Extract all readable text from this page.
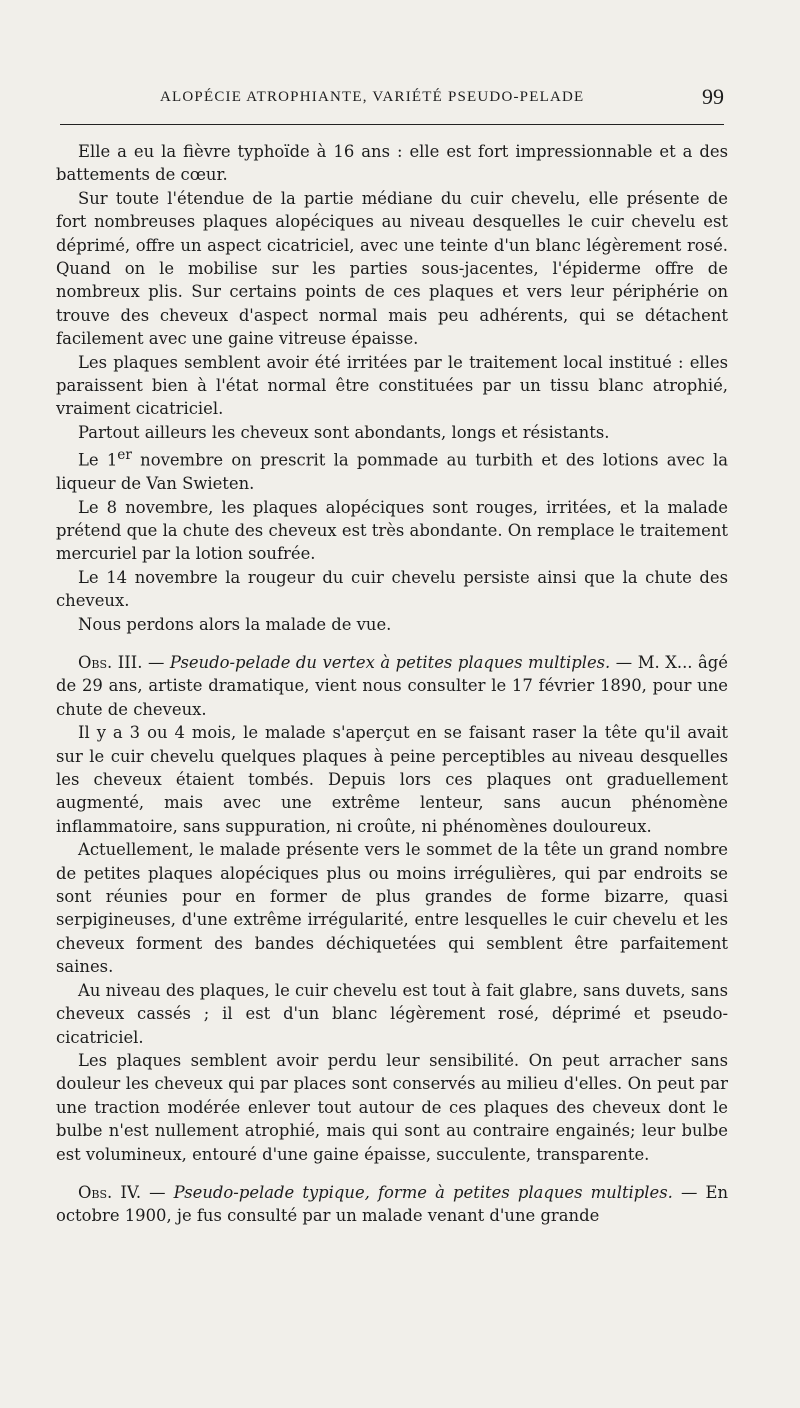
ALOPÉCIE ATROPHIANTE, VARIÉTÉ PSEUDO-PELADE	99

Elle a eu la fièvre typhoïde à 16 ans : elle est fort impressionnable et a des battements de cœur.

Sur toute l'étendue de la partie médiane du cuir chevelu, elle présente de fort nombreuses plaques alopéciques au niveau desquelles le cuir chevelu est déprimé, offre un aspect cicatriciel, avec une teinte d'un blanc légèrement rosé. Quand on le mobilise sur les parties sous-jacentes, l'épiderme offre de nombreux plis. Sur certains points de ces plaques et vers leur périphérie on trouve des cheveux d'aspect normal mais peu adhérents, qui se détachent facilement avec une gaine vitreuse épaisse.

Les plaques semblent avoir été irritées par le traitement local institué : elles paraissent bien à l'état normal être constituées par un tissu blanc atrophié, vraiment cicatriciel.

Partout ailleurs les cheveux sont abondants, longs et résistants.

Le 1er novembre on prescrit la pommade au turbith et des lotions avec la liqueur de Van Swieten.

Le 8 novembre, les plaques alopéciques sont rouges, irritées, et la malade prétend que la chute des cheveux est très abondante. On remplace le traitement mercuriel par la lotion soufrée.

Le 14 novembre la rougeur du cuir chevelu persiste ainsi que la chute des cheveux.

Nous perdons alors la malade de vue.

Obs. III. — Pseudo-pelade du vertex à petites plaques multiples. — M. X... âgé de 29 ans, artiste dramatique, vient nous consulter le 17 février 1890, pour une chute de cheveux.

Il y a 3 ou 4 mois, le malade s'aperçut en se faisant raser la tête qu'il avait sur le cuir chevelu quelques plaques à peine perceptibles au niveau desquelles les cheveux étaient tombés. Depuis lors ces plaques ont graduellement augmenté, mais avec une extrême lenteur, sans aucun phénomène inflammatoire, sans suppuration, ni croûte, ni phénomènes douloureux.

Actuellement, le malade présente vers le sommet de la tête un grand nombre de petites plaques alopéciques plus ou moins irrégulières, qui par endroits se sont réunies pour en former de plus grandes de forme bizarre, quasi serpigineuses, d'une extrême irrégularité, entre lesquelles le cuir chevelu et les cheveux forment des bandes déchiquetées qui semblent être parfaitement saines.

Au niveau des plaques, le cuir chevelu est tout à fait glabre, sans duvets, sans cheveux cassés ; il est d'un blanc légèrement rosé, déprimé et pseudo-cicatriciel.

Les plaques semblent avoir perdu leur sensibilité. On peut arracher sans douleur les cheveux qui par places sont conservés au milieu d'elles. On peut par une traction modérée enlever tout autour de ces plaques des cheveux dont le bulbe n'est nullement atrophié, mais qui sont au contraire engainés; leur bulbe est volumineux, entouré d'une gaine épaisse, succulente, transparente.

Obs. IV. — Pseudo-pelade typique, forme à petites plaques multiples. — En octobre 1900, je fus consulté par un malade venant d'une grande
